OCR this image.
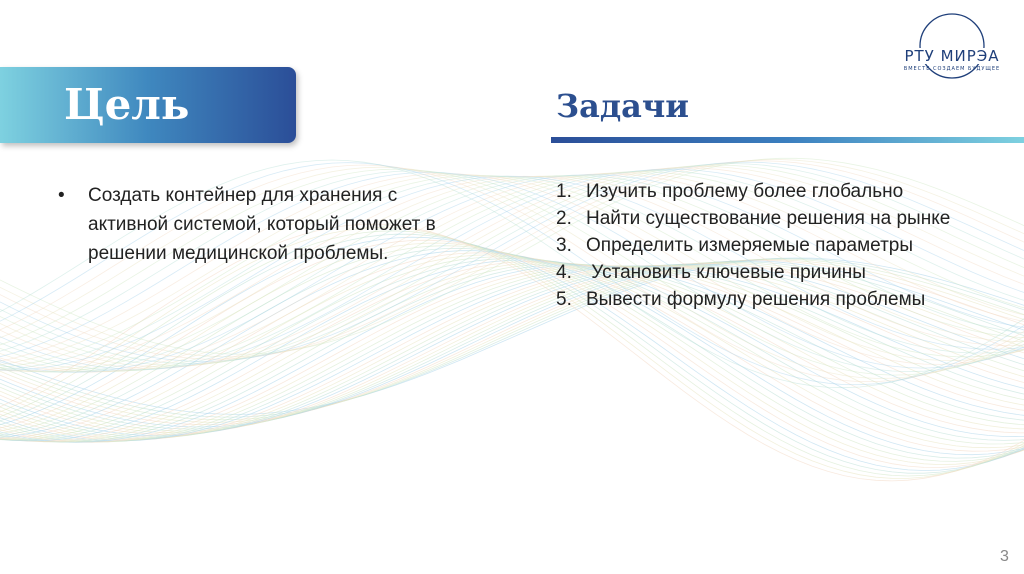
РТУ МИРЭА
ВМЕСТЕ СОЗДАЕМ БУДУЩЕЕ
Цель	Задачи
• Создать контейнер для хранения с активной системой, который поможет в решении медицинской проблемы.
1. Изучить проблему более глобально
2. Найти существование решения на рынке
3. Определить измеряемые параметры
4. Установить ключевые причины
5. Вывести формулу решения проблемы
3
